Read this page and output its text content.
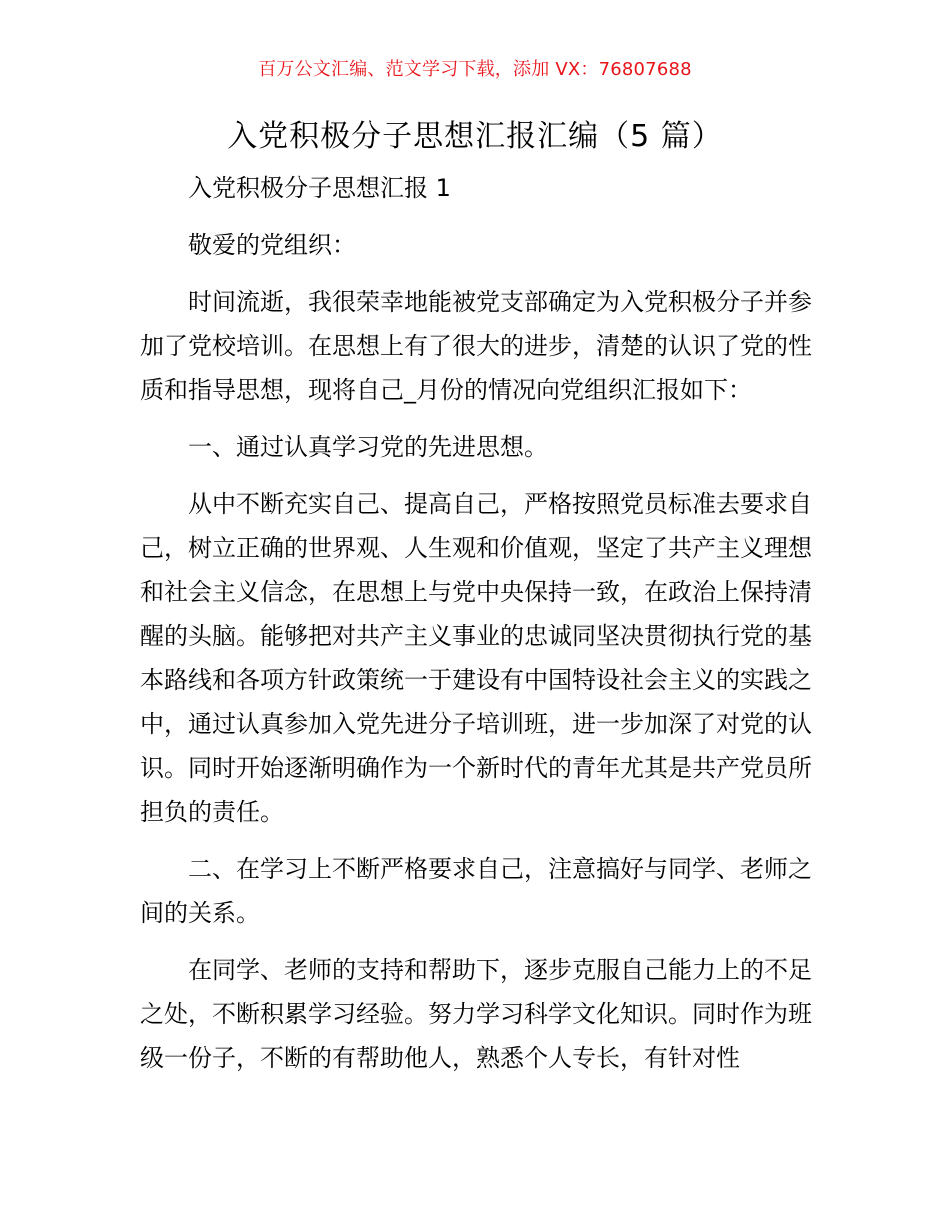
百万公文汇编、范文学习下载，添加 VX：76807688
入党积极分子思想汇报汇编（5 篇）

入党积极分子思想汇报 1

敬爱的党组织：

时间流逝，我很荣幸地能被党支部确定为入党积极分子并参加了党校培训。在思想上有了很大的进步，清楚的认识了党的性质和指导思想，现将自己_月份的情况向党组织汇报如下：

一、通过认真学习党的先进思想。

从中不断充实自己、提高自己，严格按照党员标准去要求自己，树立正确的世界观、人生观和价值观，坚定了共产主义理想和社会主义信念，在思想上与党中央保持一致，在政治上保持清醒的头脑。能够把对共产主义事业的忠诚同坚决贯彻执行党的基本路线和各项方针政策统一于建设有中国特设社会主义的实践之中，通过认真参加入党先进分子培训班，进一步加深了对党的认识。同时开始逐渐明确作为一个新时代的青年尤其是共产党员所担负的责任。

二、在学习上不断严格要求自己，注意搞好与同学、老师之间的关系。

在同学、老师的支持和帮助下，逐步克服自己能力上的不足之处，不断积累学习经验。努力学习科学文化知识。同时作为班级一份子，不断的有帮助他人，熟悉个人专长，有针对性
